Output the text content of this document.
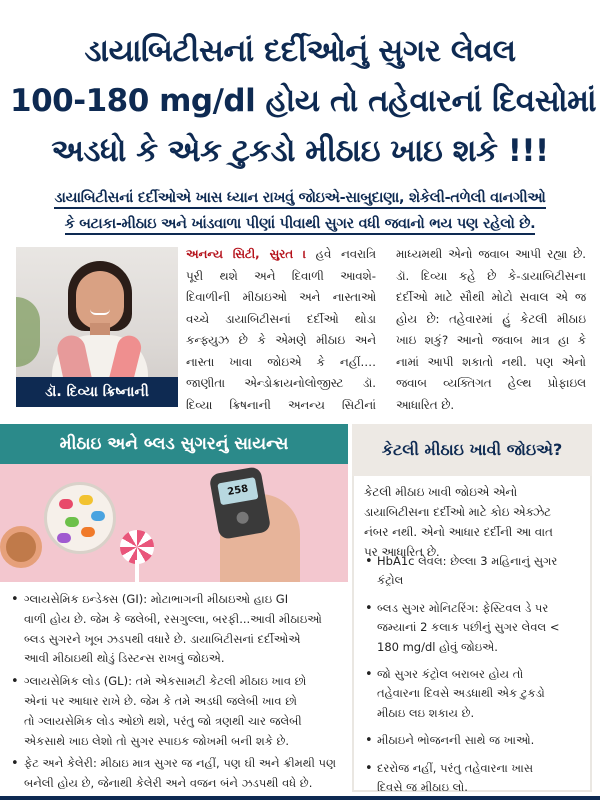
ડાયાબિટીસનાં દર્દીઓનું સુગર લેવલ
100-180 mg/dl હોય તો તહેવારનાં દિવસોમાં
અડધો કે એક ટુકડો મીઠાઇ ખાઇ શકે !!!
ડાયાબિટીસનાં દર્દીઓએ ખાસ ધ્યાન રાખવું જોઇએ-સાબુદાણા, શેકેલી-તળેલી વાનગીઓ
કે બટાકા-મીઠાઇ અને ખાંડવાળા પીણાં પીવાથી સુગર વધી જવાનો ભય પણ રહેલો છે.
ડૉ. દિવ્યા ક્રિષ્નાની
અનન્ય સિટી, સુરત । હવે નવરાત્રિ
પૂરી થશે અને દિવાળી આવશે-
દિવાળીની મીઠાઇઓ અને નાસ્તાઓ
વચ્ચે ડાયાબિટીસનાં દર્દીઓ થોડા
કન્ફ્યુઝ છે કે એમણે મીઠાઇ અને
નાસ્તા ખાવા જોઇએ કે નહીં.…
જાણીતા એન્ડોક્રાયનોલોજીસ્ટ ડૉ.
દિવ્યા ક્રિષનાની અનન્ય સિટીનાં
માધ્યમથી એનો જવાબ આપી રહ્યા છે.
ડૉ. દિવ્યા કહે છે કે-ડાયાબિટીસના
દર્દીઓ માટે સૌથી મોટો સવાલ એ જ
હોય છે: તહેવારમાં હું કેટલી મીઠાઇ
ખાઇ શકું? આનો જવાબ માત્ર હા કે
નામાં આપી શકાતો નથી. પણ એનો
જવાબ વ્યક્તિગત હેલ્થ પ્રોફાઇલ
આધારિત છે.
મીઠાઇ અને બ્લડ સુગરનું સાયન્સ
258
• ગ્લાયસેમિક ઇન્ડેક્સ (GI): મોટાભાગની મીઠાઇઓ હાઇ GI
વાળી હોય છે. જેમ કે જલેબી, રસગુલ્લા, બરફી...આવી મીઠાઇઓ
બ્લડ સુગરને ખૂબ ઝડપથી વધારે છે. ડાયાબિટીસનાં દર્દીઓએ
આવી મીઠાઇથી થોડું ડિસ્ટન્સ રાખવું જોઇએ.
• ગ્લાયસેમિક લોડ (GL): તમે એકસામટી કેટલી મીઠાઇ ખાવ છો
એનાં પર આધાર રાખે છે. જેમ કે તમે અડધી જલેબી ખાવ છો
તો ગ્લાયસેમિક લોડ ઓછો થશે, પરંતુ જો ત્રણથી ચાર જલેબી
એકસાથે ખાઇ લેશો તો સુગર સ્પાઇક જોખમી બની શકે છે.
• ફેટ અને કેલેરી: મીઠાઇ માત્ર સુગર જ નહીં, પણ ઘી અને ક્રીમથી પણ
બનેલી હોય છે, જેનાથી કેલેરી અને વજન બંને ઝડપથી વધે છે.
કેટલી મીઠાઇ ખાવી જોઇએ?
કેટલી મીઠાઇ ખાવી જોઇએ એનો
ડાયાબિટીસના દર્દીઓ માટે કોઇ એક્ઝેટ
નંબર નથી. એનો આધાર દર્દીની આ વાત
પર આધારિત છે.
• HbA1c લેવલ: છેલ્લા 3 મહિનાનું સુગર
કંટ્રોલ
• બ્લડ સુગર મોનિટરિંગ: ફેસ્ટિવલ ડે પર
જમ્યાનાં 2 કલાક પછીનું સુગર લેવલ <
180 mg/dl હોવું જોઇએ.
• જો સુગર કંટ્રોલ બરાબર હોય તો
તહેવારના દિવસે અડધાથી એક ટુકડો
મીઠાઇ લઇ શકાય છે.
• મીઠાઇને ભોજનની સાથે જ ખાઓ.
• દરરોજ નહીં, પરંતુ તહેવારના ખાસ
દિવસે જ મીઠાઇ લો.
